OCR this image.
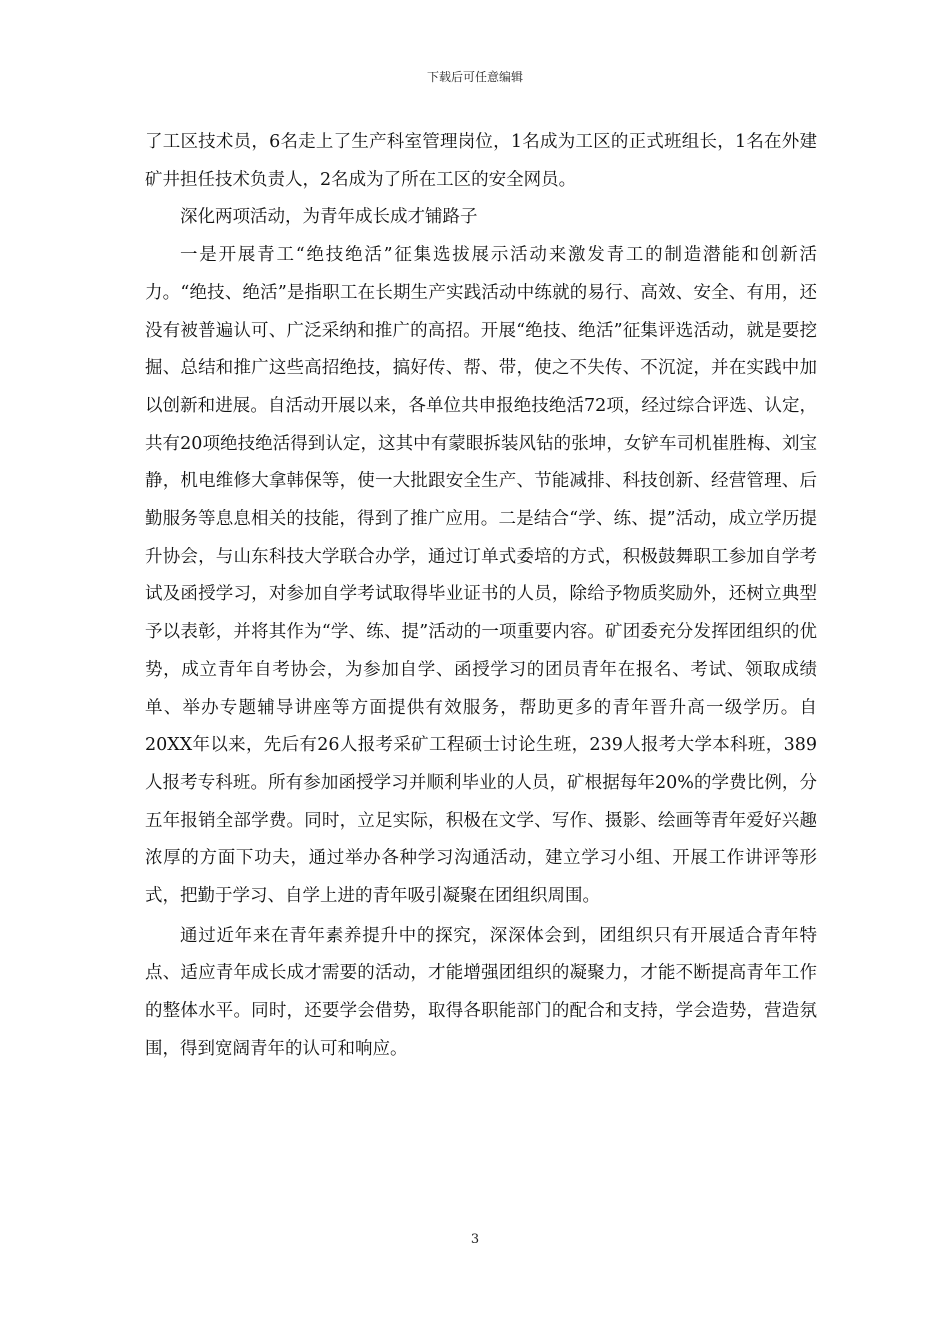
下载后可任意编辑

了工区技术员，6名走上了生产科室管理岗位，1名成为工区的正式班组长，1名在外建矿井担任技术负责人，2名成为了所在工区的安全网员。

深化两项活动，为青年成长成才铺路子

一是开展青工“绝技绝活”征集选拔展示活动来激发青工的制造潜能和创新活力。“绝技、绝活”是指职工在长期生产实践活动中练就的易行、高效、安全、有用，还没有被普遍认可、广泛采纳和推广的高招。开展“绝技、绝活”征集评选活动，就是要挖掘、总结和推广这些高招绝技，搞好传、帮、带，使之不失传、不沉淀，并在实践中加以创新和进展。自活动开展以来，各单位共申报绝技绝活72项，经过综合评选、认定，共有20项绝技绝活得到认定，这其中有蒙眼拆装风钻的张坤，女铲车司机崔胜梅、刘宝静，机电维修大拿韩保等，使一大批跟安全生产、节能减排、科技创新、经营管理、后勤服务等息息相关的技能，得到了推广应用。二是结合“学、练、提”活动，成立学历提升协会，与山东科技大学联合办学，通过订单式委培的方式，积极鼓舞职工参加自学考试及函授学习，对参加自学考试取得毕业证书的人员，除给予物质奖励外，还树立典型予以表彰，并将其作为“学、练、提”活动的一项重要内容。矿团委充分发挥团组织的优势，成立青年自考协会，为参加自学、函授学习的团员青年在报名、考试、领取成绩单、举办专题辅导讲座等方面提供有效服务，帮助更多的青年晋升高一级学历。自20XX年以来，先后有26人报考采矿工程硕士讨论生班，239人报考大学本科班，389人报考专科班。所有参加函授学习并顺利毕业的人员，矿根据每年20%的学费比例，分五年报销全部学费。同时，立足实际，积极在文学、写作、摄影、绘画等青年爱好兴趣浓厚的方面下功夫，通过举办各种学习沟通活动，建立学习小组、开展工作讲评等形式，把勤于学习、自学上进的青年吸引凝聚在团组织周围。

通过近年来在青年素养提升中的探究，深深体会到，团组织只有开展适合青年特点、适应青年成长成才需要的活动，才能增强团组织的凝聚力，才能不断提高青年工作的整体水平。同时，还要学会借势，取得各职能部门的配合和支持，学会造势，营造氛围，得到宽阔青年的认可和响应。

3
